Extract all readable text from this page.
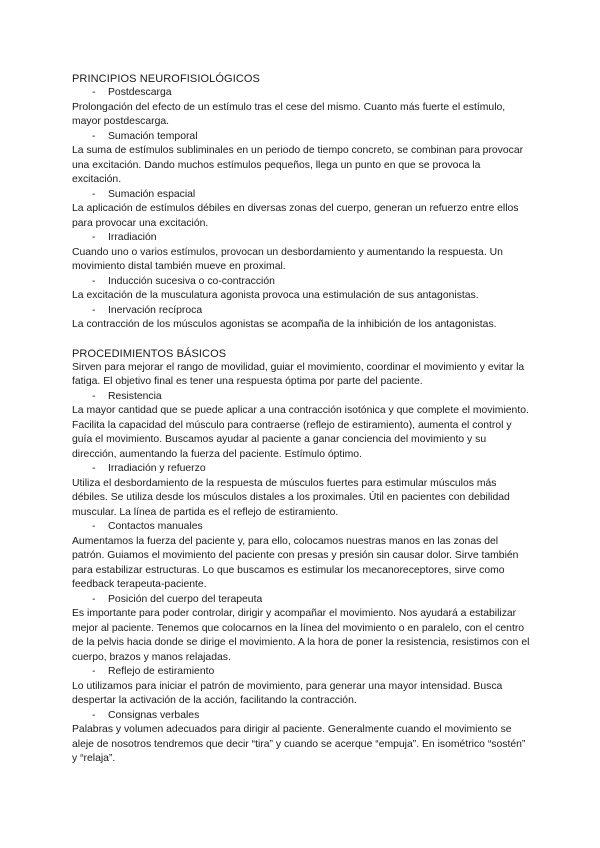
PRINCIPIOS NEUROFISIOLÓGICOS

- Postdescarga

Prolongación del efecto de un estímulo tras el cese del mismo. Cuanto más fuerte el estímulo, mayor postdescarga.

- Sumación temporal

La suma de estímulos subliminales en un periodo de tiempo concreto, se combinan para provocar una excitación. Dando muchos estímulos pequeños, llega un punto en que se provoca la excitación.

- Sumación espacial

La aplicación de estímulos débiles en diversas zonas del cuerpo, generan un refuerzo entre ellos para provocar una excitación.

- Irradiación

Cuando uno o varios estímulos, provocan un desbordamiento y aumentando la respuesta. Un movimiento distal también mueve en proximal.

- Inducción sucesiva o co-contracción

La excitación de la musculatura agonista provoca una estimulación de sus antagonistas.

- Inervación recíproca

La contracción de los músculos agonistas se acompaña de la inhibición de los antagonistas.

PROCEDIMIENTOS BÁSICOS

Sirven para mejorar el rango de movilidad, guiar el movimiento, coordinar el movimiento y evitar la fatiga. El objetivo final es tener una respuesta óptima por parte del paciente.

- Resistencia

La mayor cantidad que se puede aplicar a una contracción isotónica y que complete el movimiento. Facilita la capacidad del músculo para contraerse (reflejo de estiramiento), aumenta el control y guía el movimiento. Buscamos ayudar al paciente a ganar conciencia del movimiento y su dirección, aumentando la fuerza del paciente. Estímulo óptimo.

- Irradiación y refuerzo

Utiliza el desbordamiento de la respuesta de músculos fuertes para estimular músculos más débiles. Se utiliza desde los músculos distales a los proximales. Útil en pacientes con debilidad muscular. La línea de partida es el reflejo de estiramiento.

- Contactos manuales

Aumentamos la fuerza del paciente y, para ello, colocamos nuestras manos en las zonas del patrón. Guiamos el movimiento del paciente con presas y presión sin causar dolor. Sirve también para estabilizar estructuras. Lo que buscamos es estimular los mecanoreceptores, sirve como feedback terapeuta-paciente.

- Posición del cuerpo del terapeuta

Es importante para poder controlar, dirigir y acompañar el movimiento. Nos ayudará a estabilizar mejor al paciente. Tenemos que colocarnos en la línea del movimiento o en paralelo, con el centro de la pelvis hacia donde se dirige el movimiento. A la hora de poner la resistencia, resistimos con el cuerpo, brazos y manos relajadas.

- Reflejo de estiramiento

Lo utilizamos para iniciar el patrón de movimiento, para generar una mayor intensidad. Busca despertar la activación de la acción, facilitando la contracción.

- Consignas verbales

Palabras y volumen adecuados para dirigir al paciente. Generalmente cuando el movimiento se aleje de nosotros tendremos que decir “tira” y cuando se acerque “empuja”. En isométrico “sostén” y “relaja”.
